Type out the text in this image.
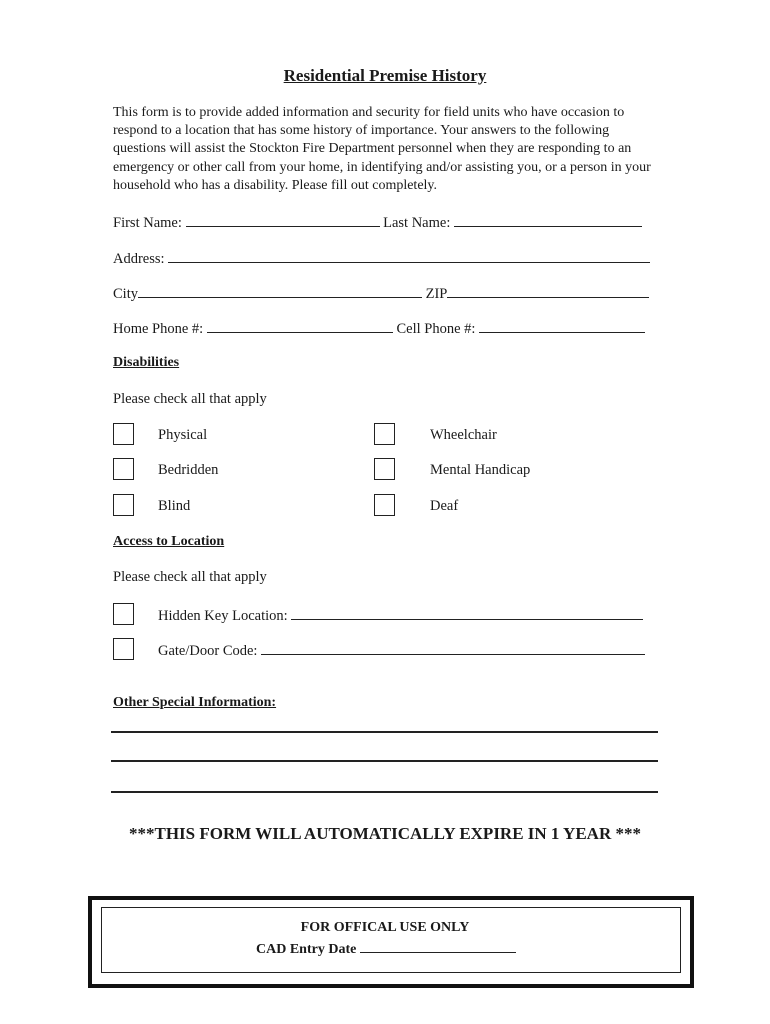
Residential Premise History
This form is to provide added information and security for field units who have occasion to respond to a location that has some history of importance. Your answers to the following questions will assist the Stockton Fire Department personnel when they are responding to an emergency or other call from your home, in identifying and/or assisting you, or a person in your household who has a disability. Please fill out completely.
First Name:	Last Name:
Address:
City	ZIP
Home Phone #:	Cell Phone #:
Disabilities
Please check all that apply
Physical	Wheelchair
Bedridden	Mental Handicap
Blind	Deaf
Access to Location
Please check all that apply
Hidden Key Location:
Gate/Door Code:
Other Special Information:
***THIS FORM WILL AUTOMATICALLY EXPIRE IN 1 YEAR ***
FOR OFFICAL USE ONLY
CAD Entry Date
